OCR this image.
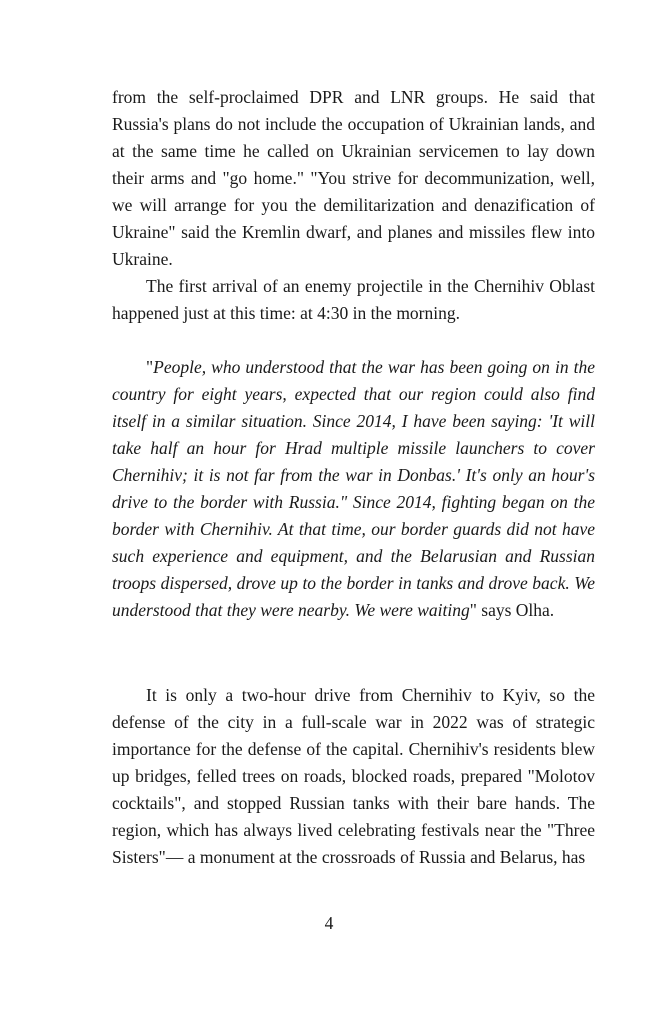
from the self-proclaimed DPR and LNR groups. He said that Russia's plans do not include the occupation of Ukrainian lands, and at the same time he called on Ukrainian servicemen to lay down their arms and "go home." "You strive for decommunization, well, we will arrange for you the demilitarization and denazification of Ukraine" said the Kremlin dwarf, and planes and missiles flew into Ukraine.

The first arrival of an enemy projectile in the Chernihiv Oblast happened just at this time: at 4:30 in the morning.

"People, who understood that the war has been going on in the country for eight years, expected that our region could also find itself in a similar situation. Since 2014, I have been saying: 'It will take half an hour for Hrad multiple missile launchers to cover Chernihiv; it is not far from the war in Donbas.' It's only an hour's drive to the border with Russia." Since 2014, fighting began on the border with Chernihiv. At that time, our border guards did not have such experience and equipment, and the Belarusian and Russian troops dispersed, drove up to the border in tanks and drove back. We understood that they were nearby. We were waiting" says Olha.

It is only a two-hour drive from Chernihiv to Kyiv, so the defense of the city in a full-scale war in 2022 was of strategic importance for the defense of the capital. Chernihiv's residents blew up bridges, felled trees on roads, blocked roads, prepared "Molotov cocktails", and stopped Russian tanks with their bare hands. The region, which has always lived celebrating festivals near the "Three Sisters"— a monument at the crossroads of Russia and Belarus, has

4
